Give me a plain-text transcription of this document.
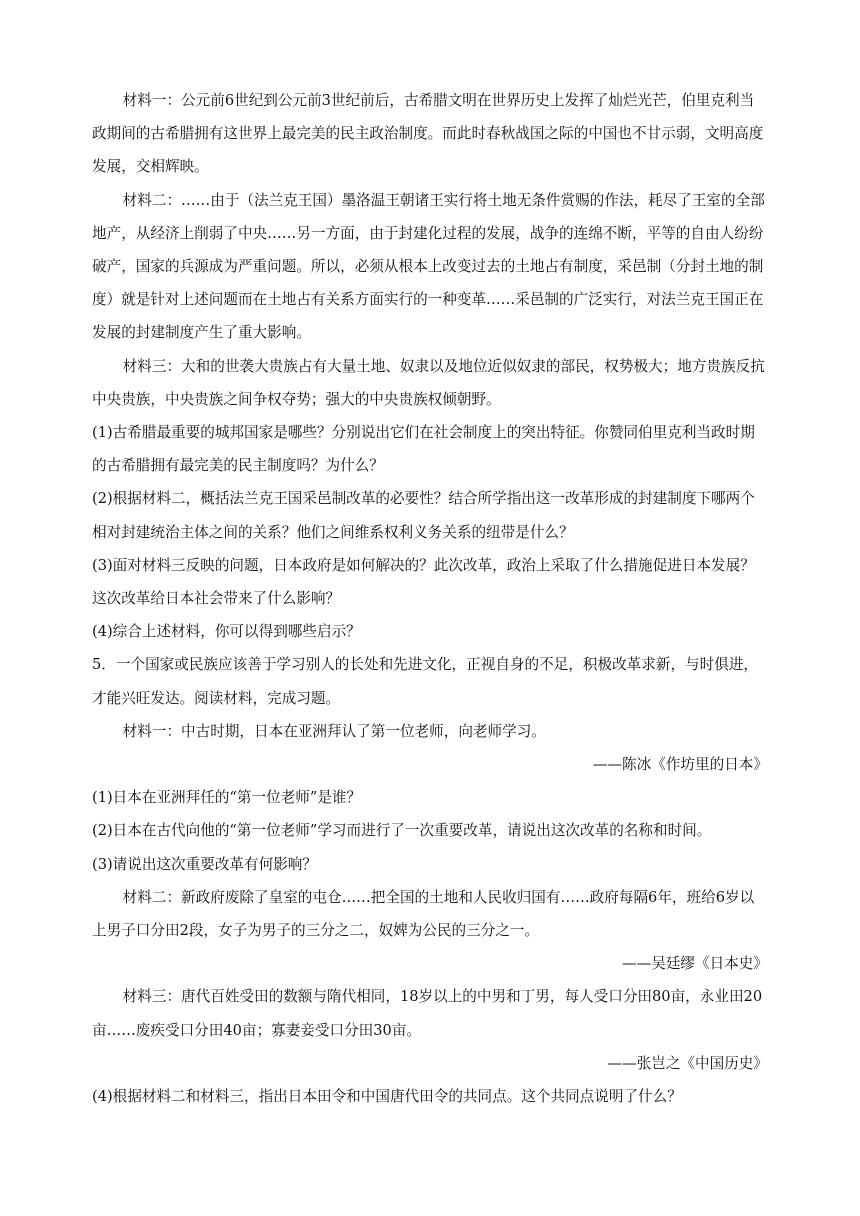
材料一：公元前6世纪到公元前3世纪前后，古希腊文明在世界历史上发挥了灿烂光芒，伯里克利当政期间的古希腊拥有这世界上最完美的民主政治制度。而此时春秋战国之际的中国也不甘示弱，文明高度发展，交相辉映。

材料二：……由于（法兰克王国）墨洛温王朝诸王实行将土地无条件赏赐的作法，耗尽了王室的全部地产，从经济上削弱了中央……另一方面，由于封建化过程的发展，战争的连绵不断，平等的自由人纷纷破产，国家的兵源成为严重问题。所以，必须从根本上改变过去的土地占有制度，采邑制（分封土地的制度）就是针对上述问题而在土地占有关系方面实行的一种变革……采邑制的广泛实行，对法兰克王国正在发展的封建制度产生了重大影响。

材料三：大和的世袭大贵族占有大量土地、奴隶以及地位近似奴隶的部民，权势极大；地方贵族反抗中央贵族，中央贵族之间争权夺势；强大的中央贵族权倾朝野。

(1)古希腊最重要的城邦国家是哪些？分别说出它们在社会制度上的突出特征。你赞同伯里克利当政时期的古希腊拥有最完美的民主制度吗？为什么？

(2)根据材料二，概括法兰克王国采邑制改革的必要性？结合所学指出这一改革形成的封建制度下哪两个相对封建统治主体之间的关系？他们之间维系权利义务关系的纽带是什么？

(3)面对材料三反映的问题，日本政府是如何解决的？此次改革，政治上采取了什么措施促进日本发展？这次改革给日本社会带来了什么影响？

(4)综合上述材料，你可以得到哪些启示？

5．一个国家或民族应该善于学习别人的长处和先进文化，正视自身的不足，积极改革求新，与时俱进，才能兴旺发达。阅读材料，完成习题。

材料一：中古时期，日本在亚洲拜认了第一位老师，向老师学习。

——陈冰《作坊里的日本》

(1)日本在亚洲拜任的“第一位老师”是谁？

(2)日本在古代向他的“第一位老师”学习而进行了一次重要改革，请说出这次改革的名称和时间。

(3)请说出这次重要改革有何影响？

材料二：新政府废除了皇室的屯仓……把全国的土地和人民收归国有……政府每隔6年，班给6岁以上男子口分田2段，女子为男子的三分之二，奴婢为公民的三分之一。

——吴廷缪《日本史》

材料三：唐代百姓受田的数额与隋代相同，18岁以上的中男和丁男，每人受口分田80亩，永业田20亩……废疾受口分田40亩；寡妻妾受口分田30亩。

——张岂之《中国历史》

(4)根据材料二和材料三，指出日本田令和中国唐代田令的共同点。这个共同点说明了什么？
